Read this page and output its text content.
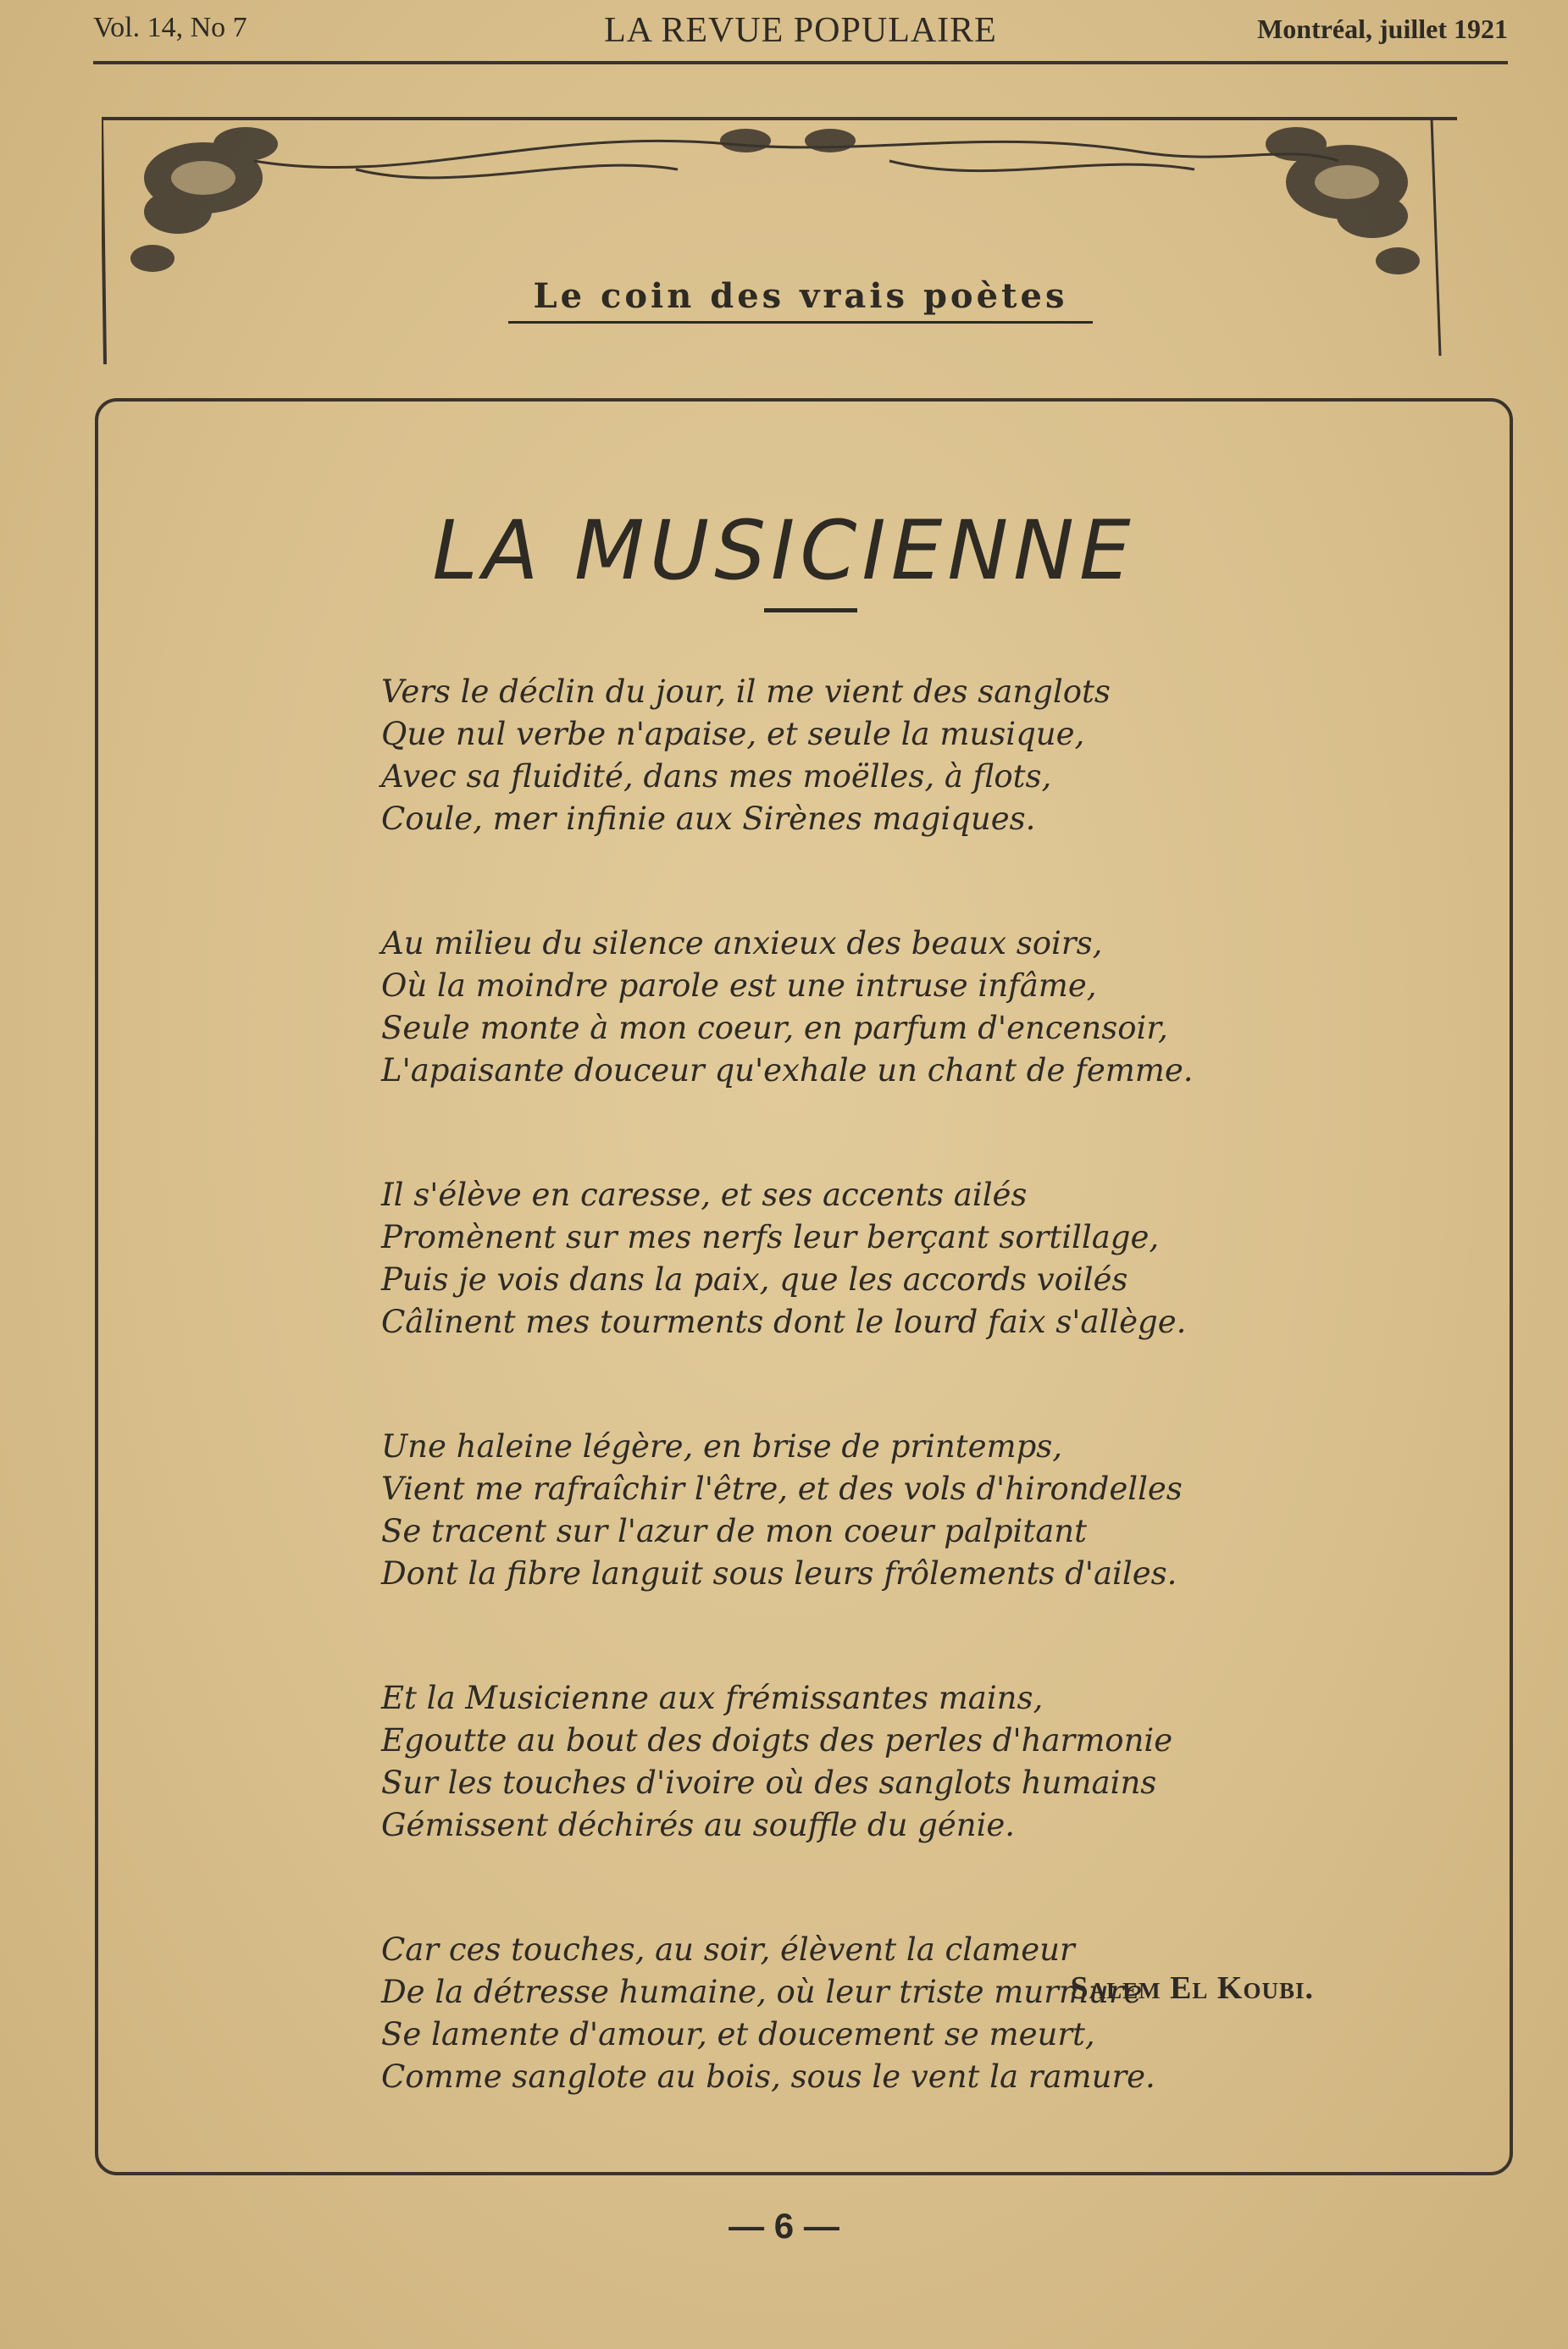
Vol. 14, No 7	LA REVUE POPULAIRE	Montréal, juillet 1921
Le coin des vrais poètes
LA MUSICIENNE
Vers le déclin du jour, il me vient des sanglots
Que nul verbe n'apaise, et seule la musique,
Avec sa fluidité, dans mes moëlles, à flots,
Coule, mer infinie aux Sirènes magiques.
Au milieu du silence anxieux des beaux soirs,
Où la moindre parole est une intruse infâme,
Seule monte à mon coeur, en parfum d'encensoir,
L'apaisante douceur qu'exhale un chant de femme.
Il s'élève en caresse, et ses accents ailés
Promènent sur mes nerfs leur berçant sortillage,
Puis je vois dans la paix, que les accords voilés
Câlinent mes tourments dont le lourd faix s'allège.
Une haleine légère, en brise de printemps,
Vient me rafraîchir l'être, et des vols d'hirondelles
Se tracent sur l'azur de mon coeur palpitant
Dont la fibre languit sous leurs frôlements d'ailes.
Et la Musicienne aux frémissantes mains,
Egoutte au bout des doigts des perles d'harmonie
Sur les touches d'ivoire où des sanglots humains
Gémissent déchirés au souffle du génie.
Car ces touches, au soir, élèvent la clameur
De la détresse humaine, où leur triste murmure
Se lamente d'amour, et doucement se meurt,
Comme sanglote au bois, sous le vent la ramure.
Salem El Koubi.
— 6 —
